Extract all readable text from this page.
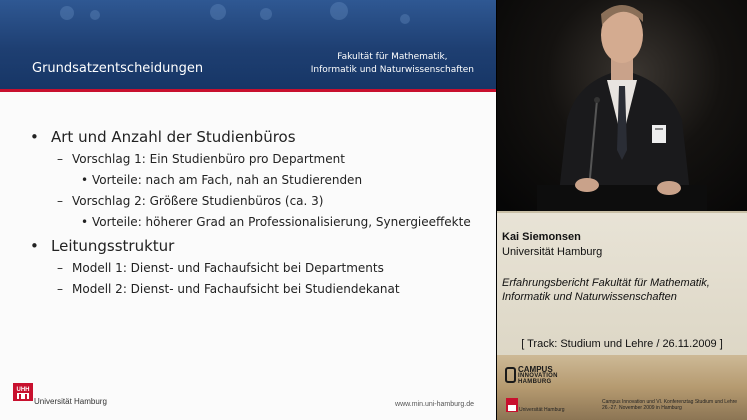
Grundsatzentscheidungen
Fakultät für Mathematik,
Informatik und Naturwissenschaften
• Art und Anzahl der Studienbüros
– Vorschlag 1: Ein Studienbüro pro Department
• Vorteile: nach am Fach, nah an Studierenden
– Vorschlag 2: Größere Studienbüros (ca. 3)
• Vorteile: höherer Grad an Professionalisierung, Synergieeffekte
• Leitungsstruktur
– Modell 1: Dienst- und Fachaufsicht bei Departments
– Modell 2: Dienst- und Fachaufsicht bei Studiendekanat
UHH
Universität Hamburg	www.min.uni-hamburg.de
Kai Siemonsen
Universität Hamburg
Erfahrungsbericht Fakultät für Mathematik, Informatik und Naturwissenschaften
[ Track: Studium und Lehre / 26.11.2009 ]
CAMPUS
INNOVATION
HAMBURG
Universität Hamburg
Campus Innovation und VI. Konferenztag Studium und Lehre 26.-27. November 2009 in Hamburg
